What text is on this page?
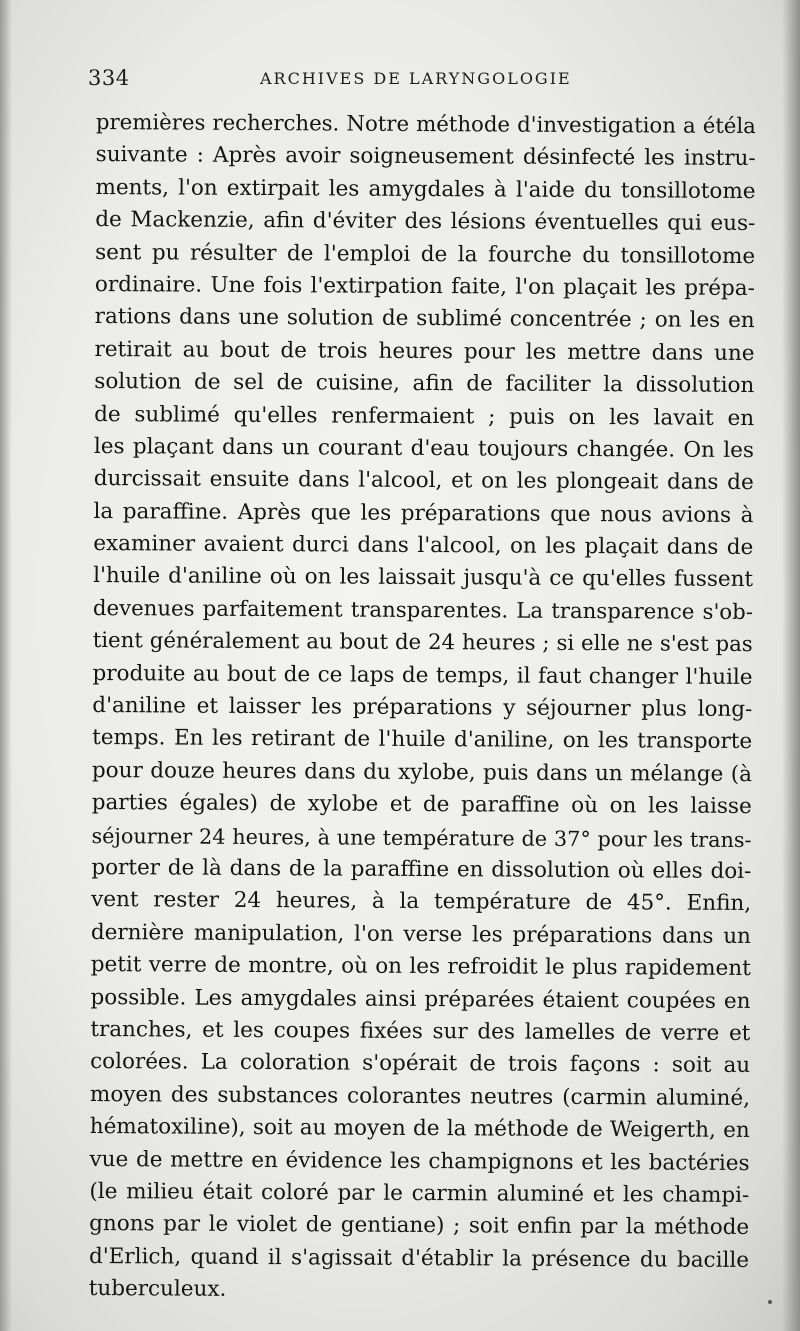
334	ARCHIVES DE LARYNGOLOGIE
premières recherches. Notre méthode d'investigation a étéla
suivante : Après avoir soigneusement désinfecté les instru-
ments, l'on extirpait les amygdales à l'aide du tonsillotome
de Mackenzie, afin d'éviter des lésions éventuelles qui eus-
sent pu résulter de l'emploi de la fourche du tonsillotome
ordinaire. Une fois l'extirpation faite, l'on plaçait les prépa-
rations dans une solution de sublimé concentrée ; on les en
retirait au bout de trois heures pour les mettre dans une
solution de sel de cuisine, afin de faciliter la dissolution
de sublimé qu'elles renfermaient ; puis on les lavait en
les plaçant dans un courant d'eau toujours changée. On les
durcissait ensuite dans l'alcool, et on les plongeait dans de
la paraffine. Après que les préparations que nous avions à
examiner avaient durci dans l'alcool, on les plaçait dans de
l'huile d'aniline où on les laissait jusqu'à ce qu'elles fussent
devenues parfaitement transparentes. La transparence s'ob-
tient généralement au bout de 24 heures ; si elle ne s'est pas
produite au bout de ce laps de temps, il faut changer l'huile
d'aniline et laisser les préparations y séjourner plus long-
temps. En les retirant de l'huile d'aniline, on les transporte
pour douze heures dans du xylobe, puis dans un mélange (à
parties égales) de xylobe et de paraffine où on les laisse
séjourner 24 heures, à une température de 37° pour les trans-
porter de là dans de la paraffine en dissolution où elles doi-
vent rester 24 heures, à la température de 45°. Enfin,
dernière manipulation, l'on verse les préparations dans un
petit verre de montre, où on les refroidit le plus rapidement
possible. Les amygdales ainsi préparées étaient coupées en
tranches, et les coupes fixées sur des lamelles de verre et
colorées. La coloration s'opérait de trois façons : soit au
moyen des substances colorantes neutres (carmin aluminé,
hématoxiline), soit au moyen de la méthode de Weigerth, en
vue de mettre en évidence les champignons et les bactéries
(le milieu était coloré par le carmin aluminé et les champi-
gnons par le violet de gentiane) ; soit enfin par la méthode
d'Erlich, quand il s'agissait d'établir la présence du bacille
tuberculeux.
